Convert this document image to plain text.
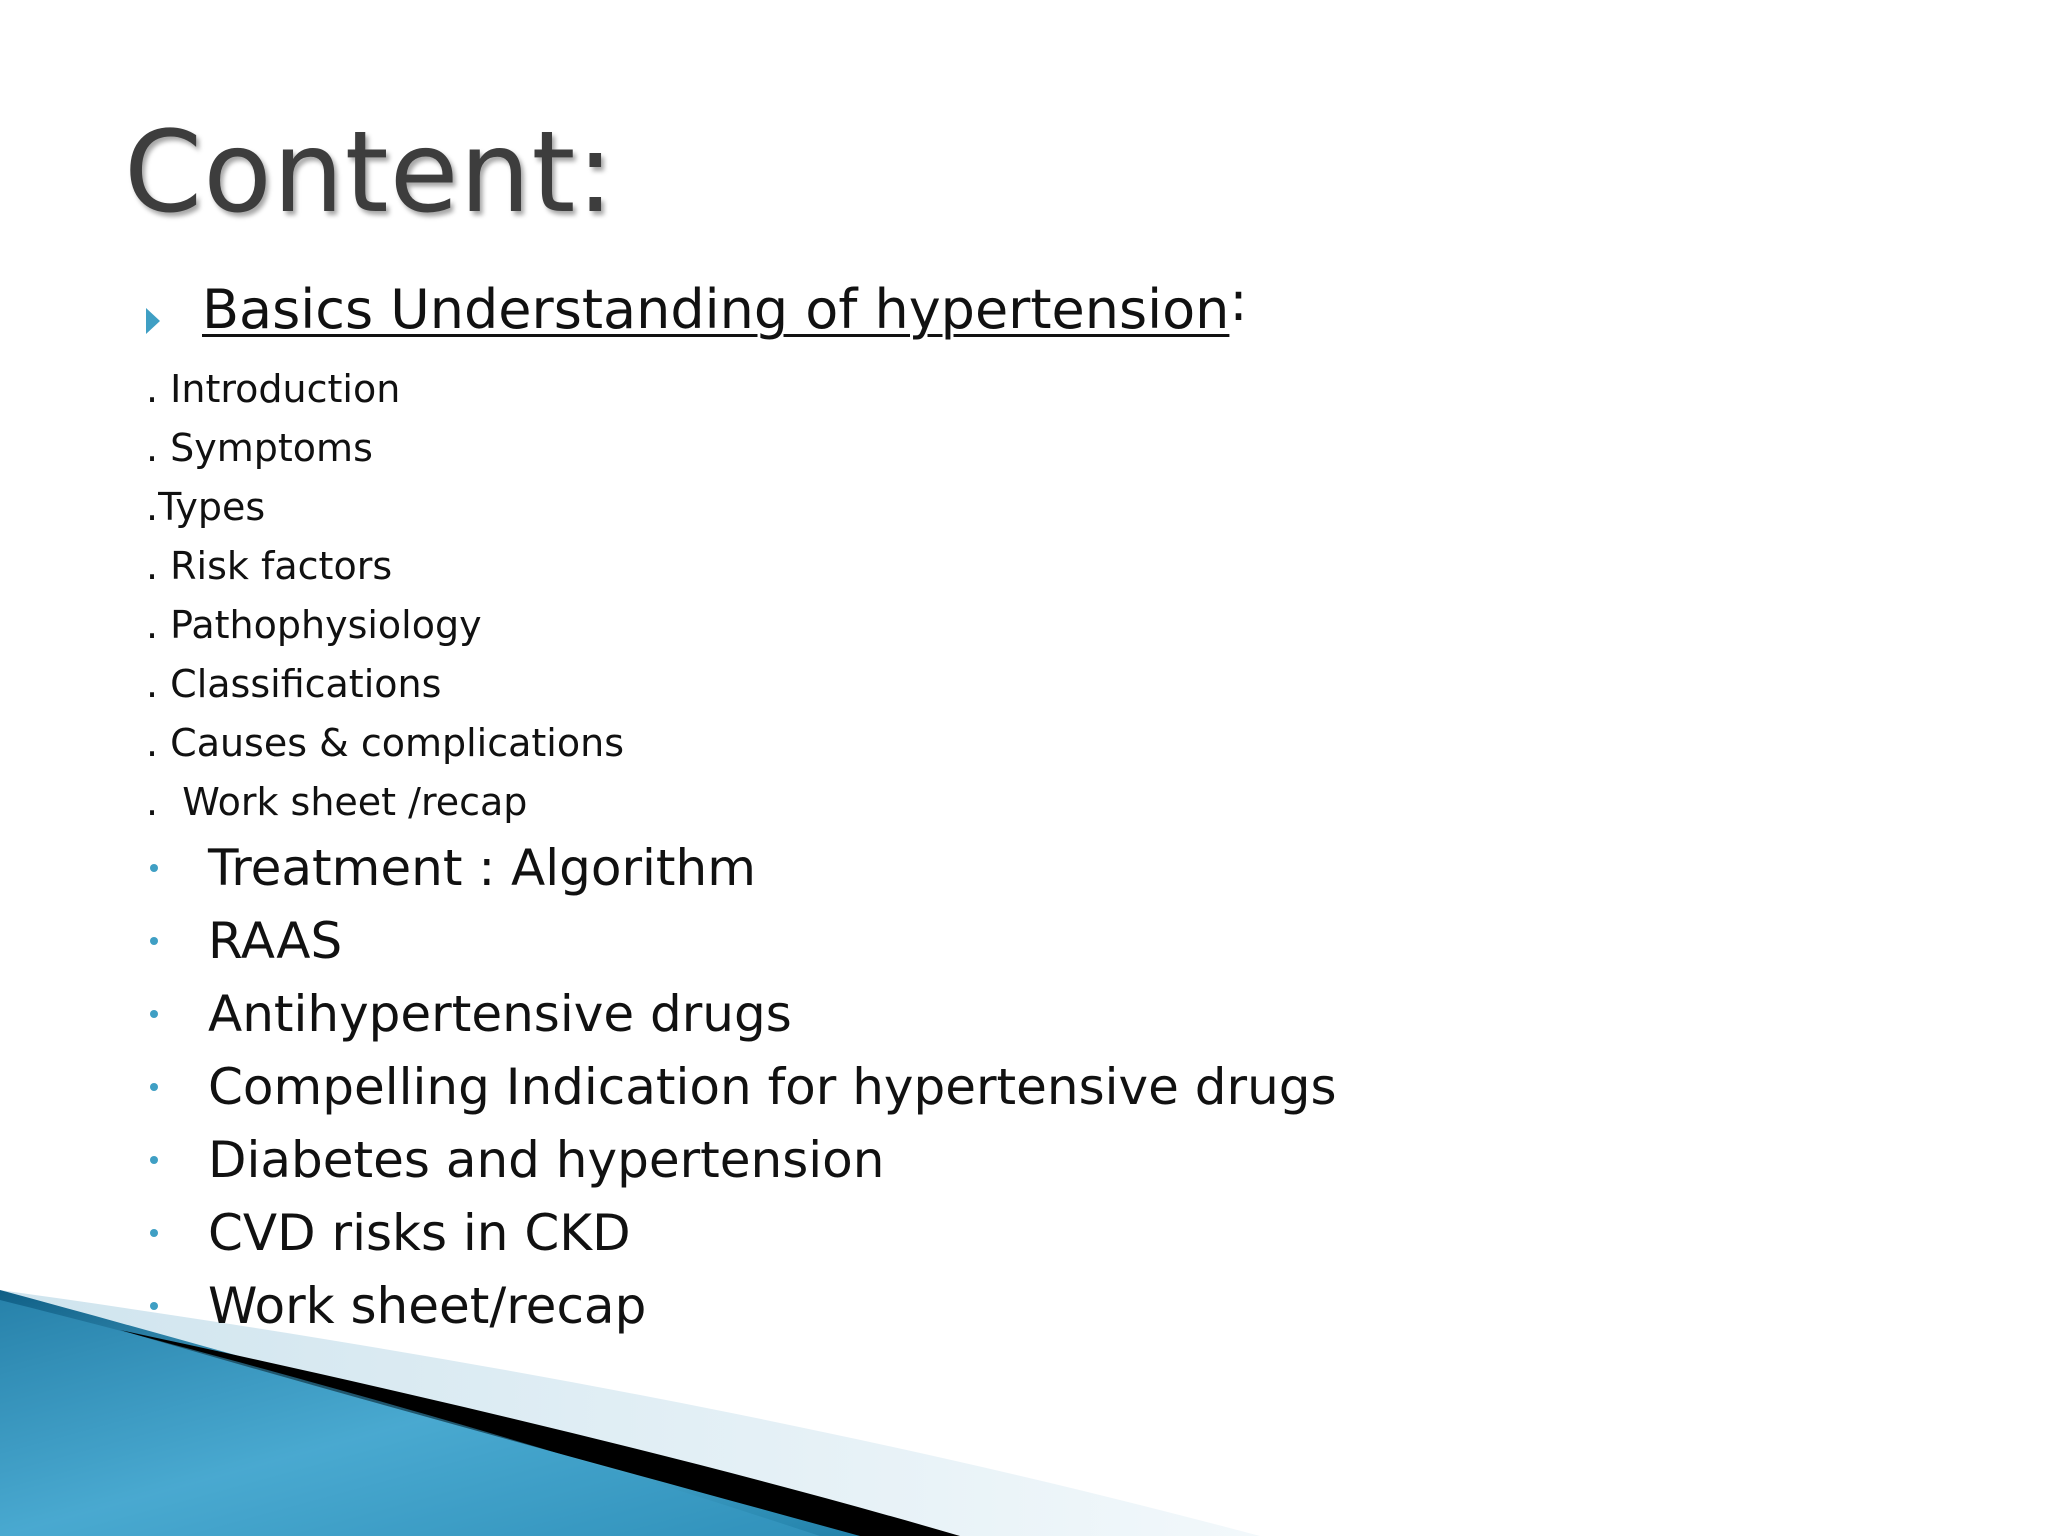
Content:
Basics Understanding of hypertension :
. Introduction
. Symptoms
.Types
. Risk factors
. Pathophysiology
. Classifications
. Causes & complications
.  Work sheet /recap
Treatment : Algorithm
RAAS
Antihypertensive drugs
Compelling Indication for hypertensive drugs
Diabetes and hypertension
CVD risks in CKD
Work sheet/recap
